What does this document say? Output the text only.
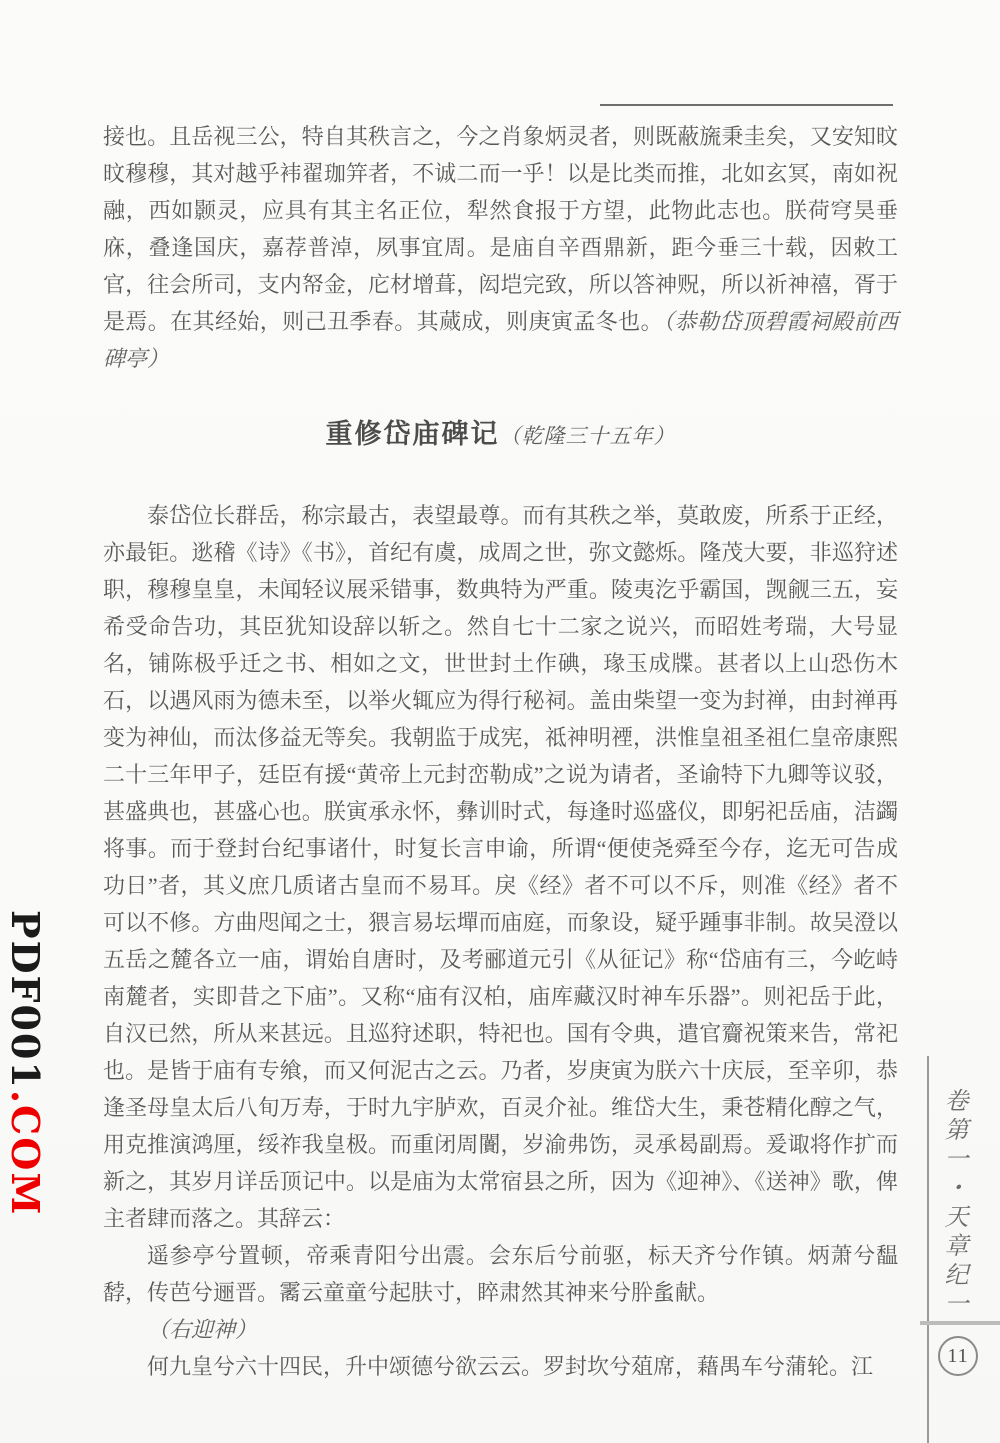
PDF001.COM

接也。且岳视三公，特自其秩言之，今之肖象炳灵者，则既蔽旒秉圭矣，又安知旼旼穆穆，其对越乎袆翟珈笄者，不诚二而一乎！以是比类而推，北如玄冥，南如祝融，西如颢灵，应具有其主名正位，犁然食报于方望，此物此志也。朕荷穹昊垂庥，叠逢国庆，嘉荐普淖，夙事宜周。是庙自辛酉鼎新，距今垂三十载，因敕工官，往会所司，支内帑金，庀材增葺，闳垲完致，所以答神贶，所以祈神禧，胥于是焉。在其经始，则己丑季春。其蒇成，则庚寅孟冬也。（恭勒岱顶碧霞祠殿前西碑亭）

重修岱庙碑记（乾隆三十五年）

泰岱位长群岳，称宗最古，表望最尊。而有其秩之举，莫敢废，所系于正经，亦最钜。逖稽《诗》《书》，首纪有虞，成周之世，弥文懿烁。隆茂大要，非巡狩述职，穆穆皇皇，未闻轻议展采错事，数典特为严重。陵夷汔乎霸国，觊觎三五，妄希受命告功，其臣犹知设辞以斩之。然自七十二家之说兴，而昭姓考瑞，大号显名，铺陈极乎迁之书、相如之文，世世封土作碘，瑑玉成牒。甚者以上山恐伤木石，以遇风雨为德未至，以举火辄应为得行秘祠。盖由柴望一变为封禅，由封禅再变为神仙，而汰侈益无等矣。我朝监于成宪，祗神明禋，洪惟皇祖圣祖仁皇帝康熙二十三年甲子，廷臣有援“黄帝上元封峦勒成”之说为请者，圣谕特下九卿等议驳，甚盛典也，甚盛心也。朕寅承永怀，彝训时式，每逢时巡盛仪，即躬祀岳庙，洁蠲将事。而于登封台纪事诸什，时复长言申谕，所谓“便使尧舜至今存，迄无可告成功日”者，其义庶几质诸古皇而不易耳。戾《经》者不可以不斥，则准《经》者不可以不修。方曲咫闻之士，猥言易坛墠而庙庭，而象设，疑乎踵事非制。故吴澄以五岳之麓各立一庙，谓始自唐时，及考郦道元引《从征记》称“岱庙有三，今屹峙南麓者，实即昔之下庙”。又称“庙有汉柏，庙库藏汉时神车乐器”。则祀岳于此，自汉已然，所从来甚远。且巡狩述职，特祀也。国有令典，遣官齎祝策来告，常祀也。是皆于庙有专飨，而又何泥古之云。乃者，岁庚寅为朕六十庆辰，至辛卯，恭逢圣母皇太后八旬万寿，于时九宇胪欢，百灵介祉。维岱大生，秉苍精化醇之气，用克推演鸿厘，绥祚我皇极。而重闭周闠，岁渝弗饬，灵承曷副焉。爰诹将作扩而新之，其岁月详岳顶记中。以是庙为太常宿县之所，因为《迎神》、《送神》歌，俾主者肆而落之。其辞云：

遥参亭兮置顿，帝乘青阳兮出震。会东后兮前驱，标天齐兮作镇。炳萧兮馧馞，传芭兮逦晋。霱云童童兮起肤寸，睟肃然其神来兮肸蚃献。

（右迎神）

何九皇兮六十四民，升中颂德兮欲云云。罗封坎兮葅席，藉禺车兮蒲轮。江

卷第一・天章纪一
11
